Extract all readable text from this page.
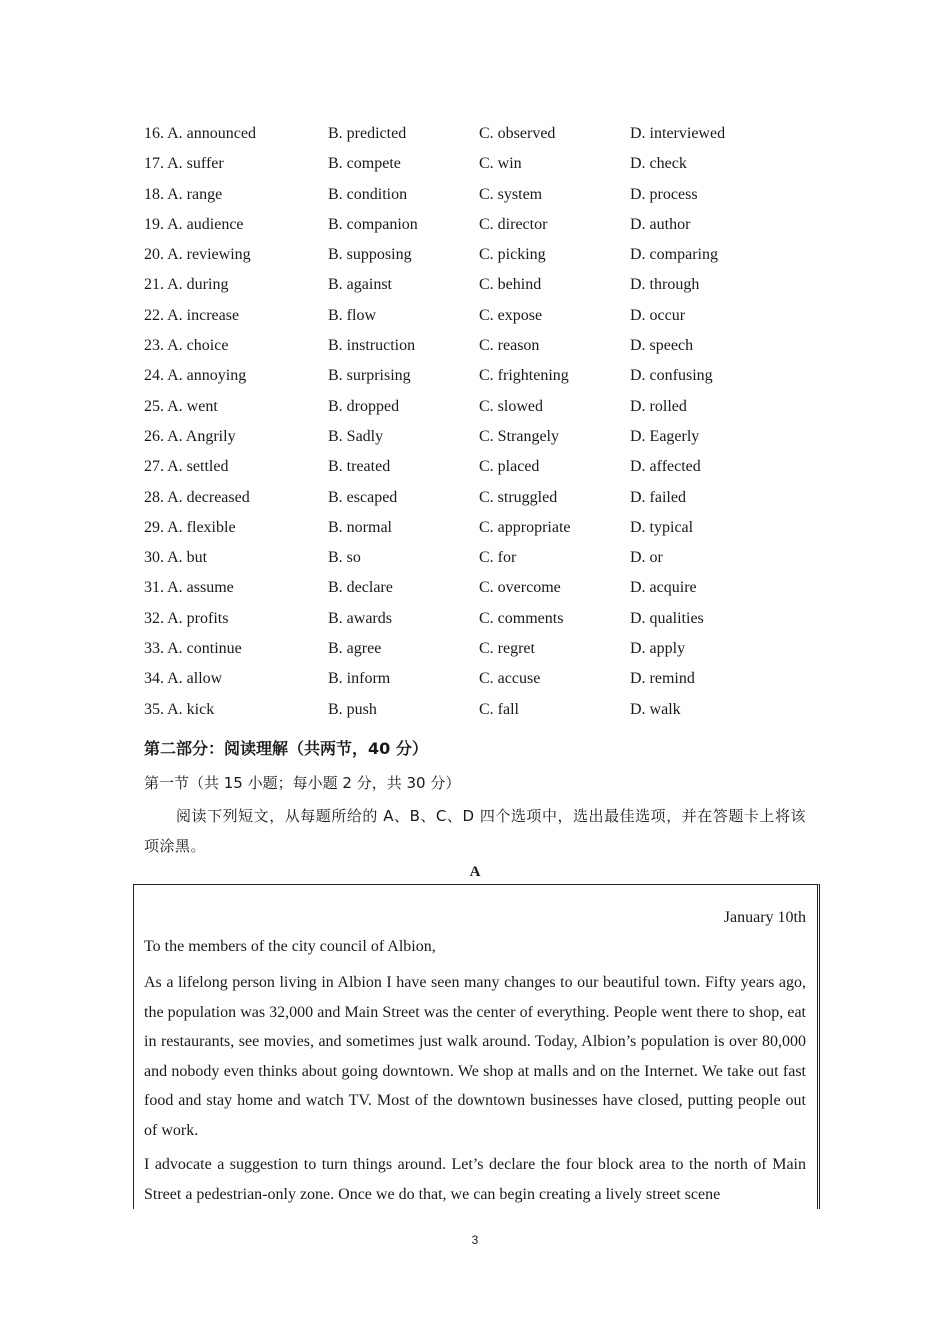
16. A. announced	B. predicted	C. observed	D. interviewed
17. A. suffer	B. compete	C. win	D. check
18. A. range	B. condition	C. system	D. process
19. A. audience	B. companion	C. director	D. author
20. A. reviewing	B. supposing	C. picking	D. comparing
21. A. during	B. against	C. behind	D. through
22. A. increase	B. flow	C. expose	D. occur
23. A. choice	B. instruction	C. reason	D. speech
24. A. annoying	B. surprising	C. frightening	D. confusing
25. A. went	B. dropped	C. slowed	D. rolled
26. A. Angrily	B. Sadly	C. Strangely	D. Eagerly
27. A. settled	B. treated	C. placed	D. affected
28. A. decreased	B. escaped	C. struggled	D. failed
29. A. flexible	B. normal	C. appropriate	D. typical
30. A. but	B. so	C. for	D. or
31. A. assume	B. declare	C. overcome	D. acquire
32. A. profits	B. awards	C. comments	D. qualities
33. A. continue	B. agree	C. regret	D. apply
34. A. allow	B. inform	C. accuse	D. remind
35. A. kick	B. push	C. fall	D. walk
第二部分：阅读理解（共两节，40 分）
第一节（共 15 小题；每小题 2 分，共 30 分）
阅读下列短文，从每题所给的 A、B、C、D 四个选项中，选出最佳选项，并在答题卡上将该项涂黑。
A
January 10th
To the members of the city council of Albion,

As a lifelong person living in Albion I have seen many changes to our beautiful town. Fifty years ago, the population was 32,000 and Main Street was the center of everything. People went there to shop, eat in restaurants, see movies, and sometimes just walk around. Today, Albion’s population is over 80,000 and nobody even thinks about going downtown. We shop at malls and on the Internet. We take out fast food and stay home and watch TV. Most of the downtown businesses have closed, putting people out of work.

I advocate a suggestion to turn things around. Let’s declare the four block area to the north of Main Street a pedestrian-only zone. Once we do that, we can begin creating a lively street scene

3
